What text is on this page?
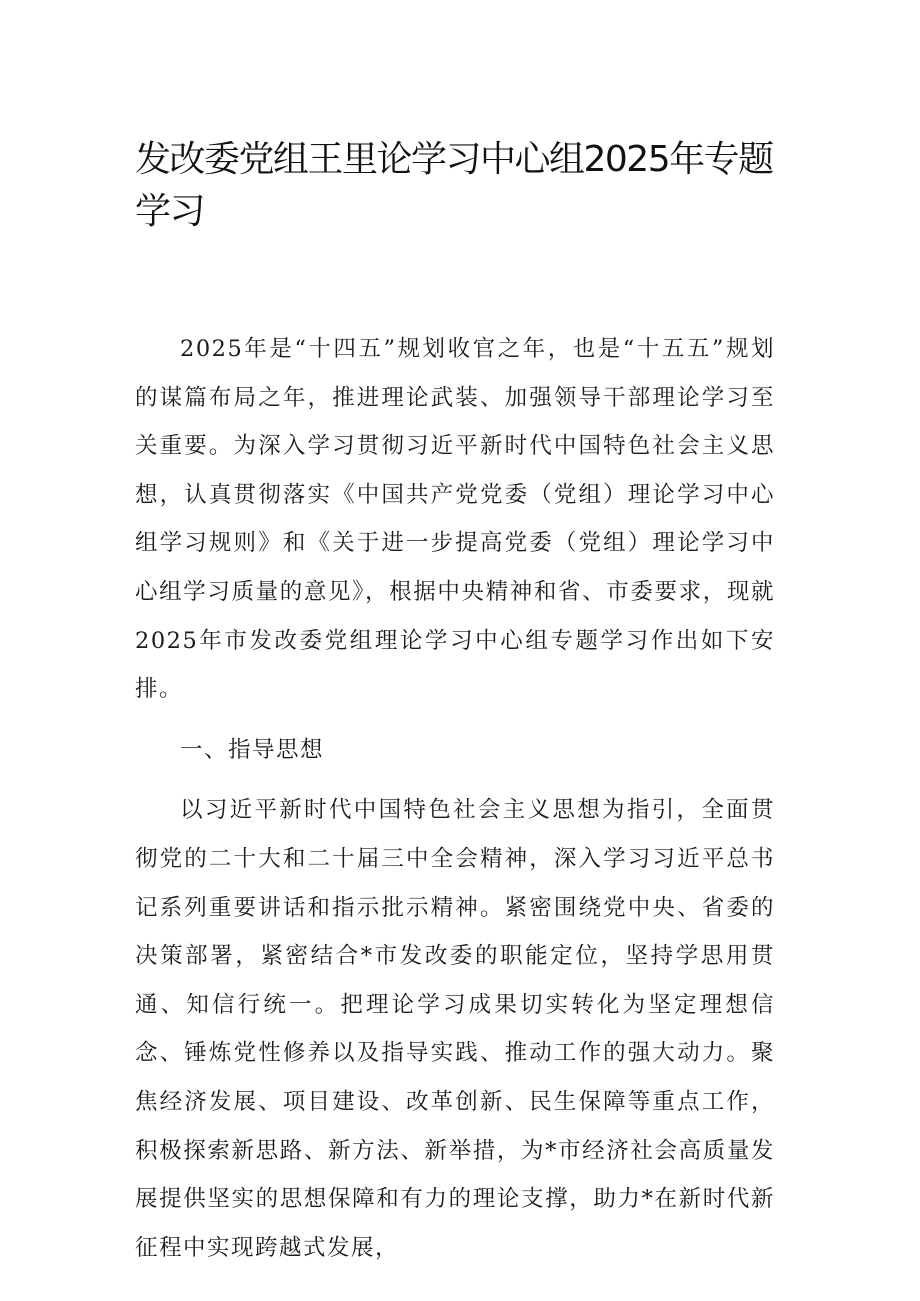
发改委党组王里论学习中心组2025年专题学习

2025年是“十四五”规划收官之年，也是“十五五”规划的谋篇布局之年，推进理论武装、加强领导干部理论学习至关重要。为深入学习贯彻习近平新时代中国特色社会主义思想，认真贯彻落实《中国共产党党委（党组）理论学习中心组学习规则》和《关于进一步提高党委（党组）理论学习中心组学习质量的意见》，根据中央精神和省、市委要求，现就2025年市发改委党组理论学习中心组专题学习作出如下安排。

一、指导思想

以习近平新时代中国特色社会主义思想为指引，全面贯彻党的二十大和二十届三中全会精神，深入学习习近平总书记系列重要讲话和指示批示精神。紧密围绕党中央、省委的决策部署，紧密结合*市发改委的职能定位，坚持学思用贯通、知信行统一。把理论学习成果切实转化为坚定理想信念、锤炼党性修养以及指导实践、推动工作的强大动力。聚焦经济发展、项目建设、改革创新、民生保障等重点工作，积极探索新思路、新方法、新举措，为*市经济社会高质量发展提供坚实的思想保障和有力的理论支撑，助力*在新时代新征程中实现跨越式发展，
